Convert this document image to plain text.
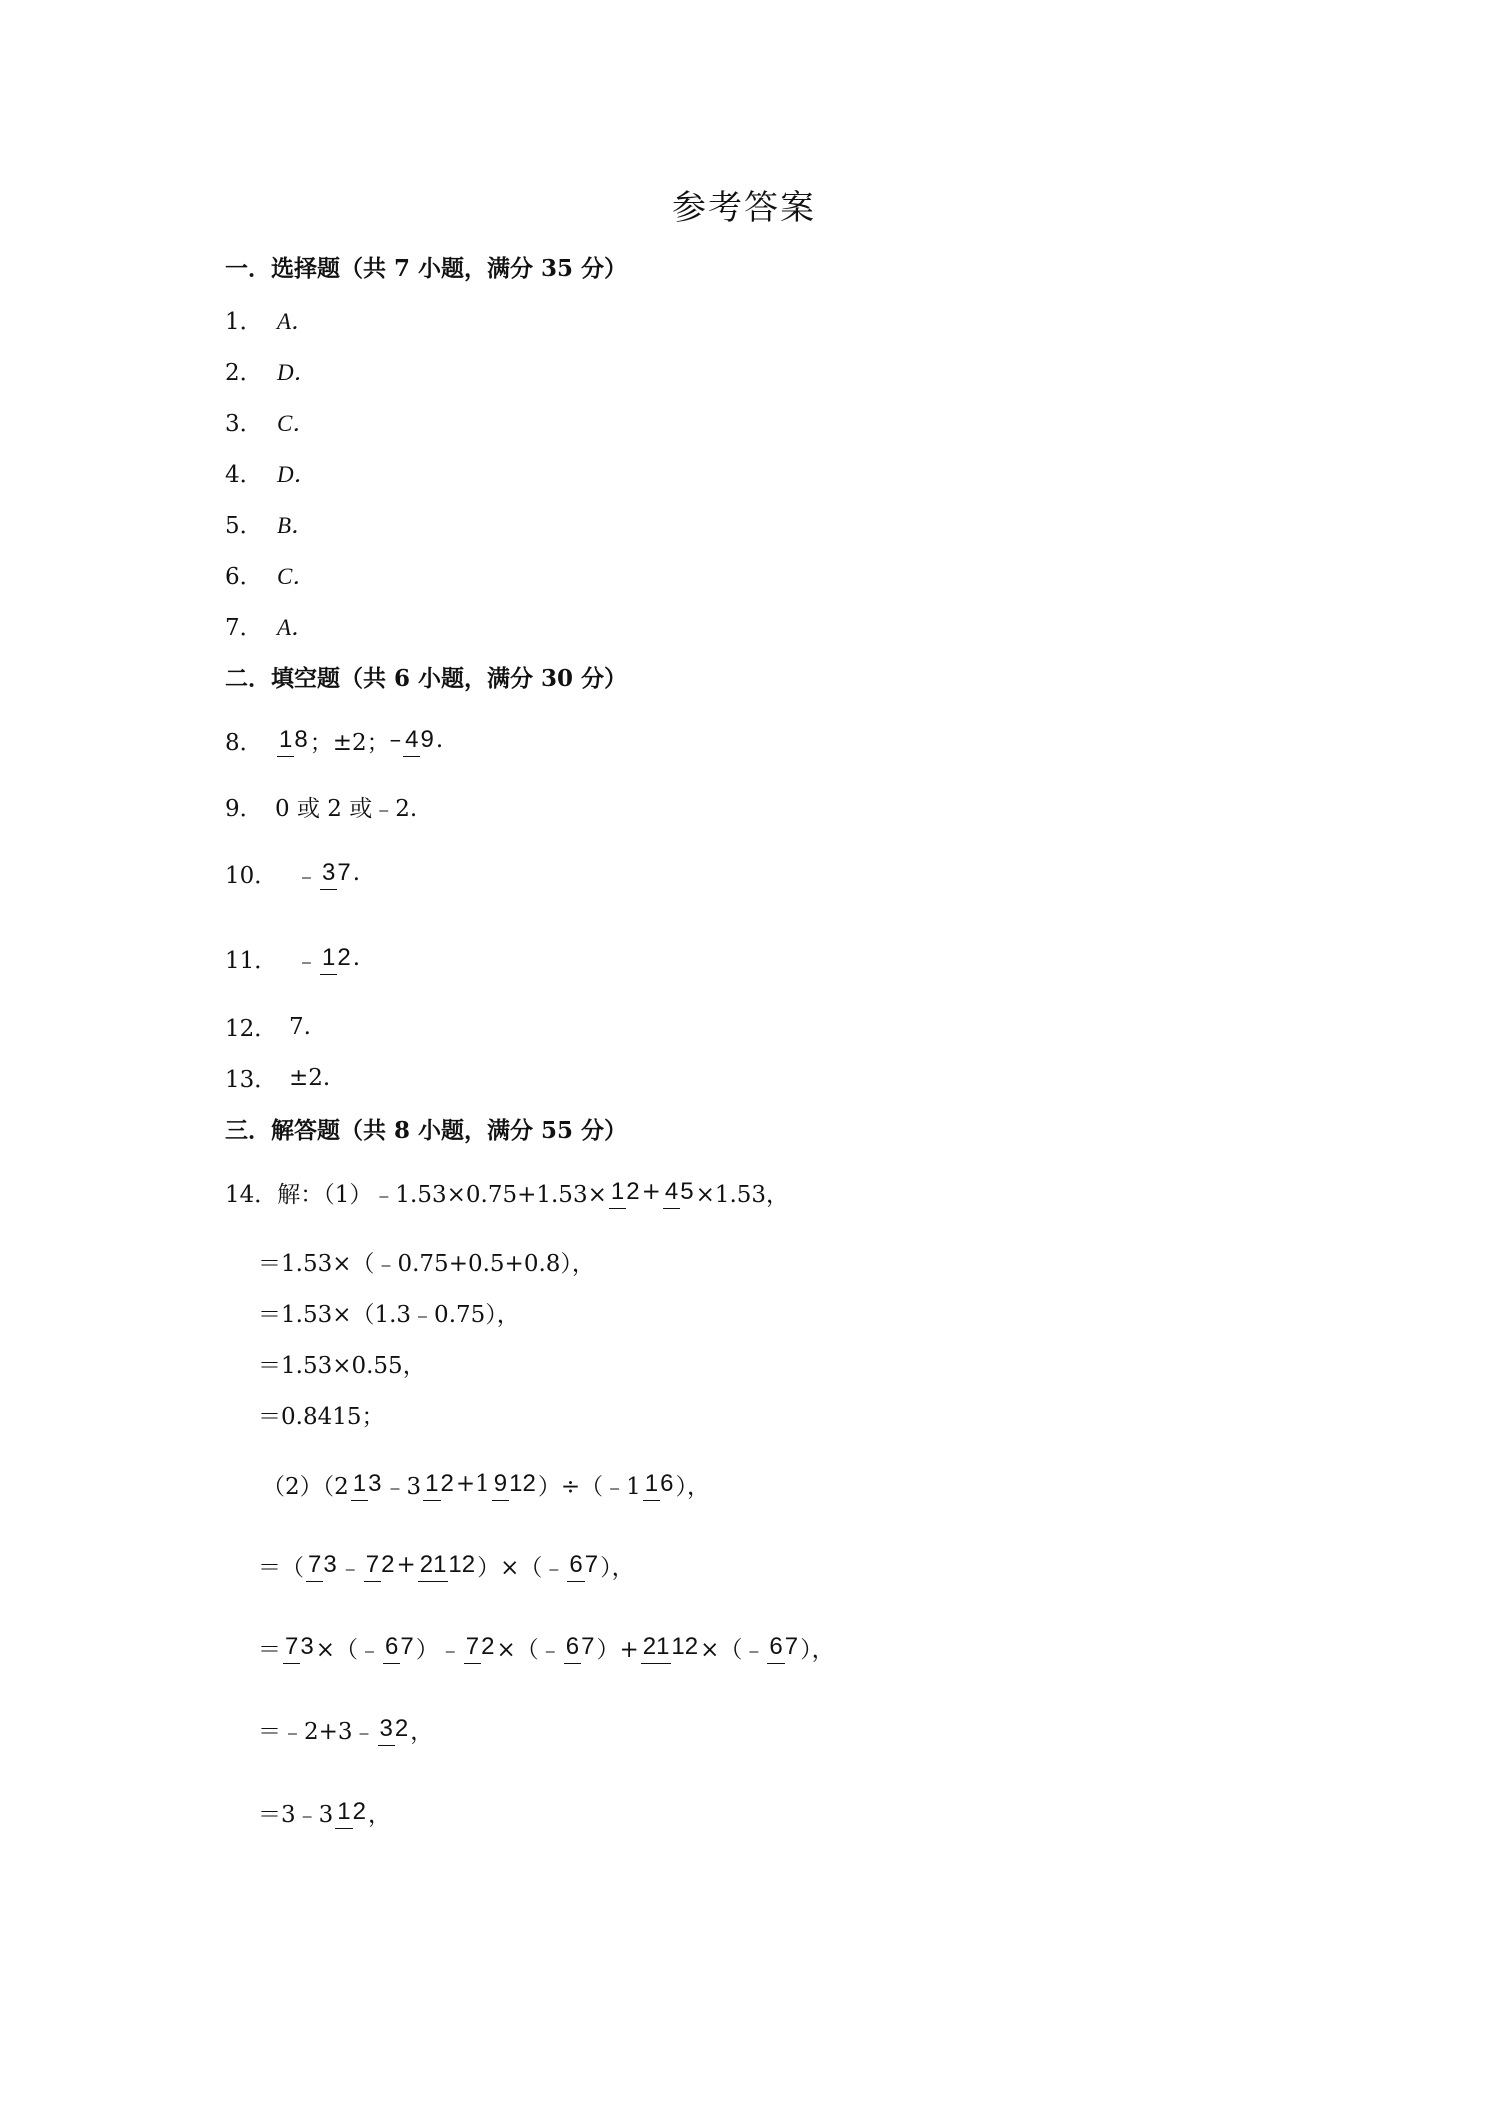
参考答案
一．选择题（共 7 小题，满分 35 分）
1． A．
2． D．
3． C．
4． D．
5． B．
6． C．
7． A．
二．填空题（共 6 小题，满分 30 分）
8． 18 ；±2； – 49 .
9． 0 或 2 或﹣2.
10． ﹣ 37 .
11． ﹣ 12 .
12． 7.
13． ±2.
三．解答题（共 8 小题，满分 55 分）
14．解：（1）﹣1.53×0.75+1.53× 12 + 45 ×1.53，
＝1.53×（﹣0.75+0.5+0.8），
＝1.53×（1.3﹣0.75），
＝1.53×0.55，
＝0.8415；
（2）（2 13 ﹣3 12 +1 912 ）÷（﹣1 16 ），
＝（ 73 ﹣ 72 + 2112 ）×（﹣ 67 ），
＝ 73 ×（﹣ 67 ）﹣ 72 ×（﹣ 67 ）+ 2112 ×（﹣ 67 ），
＝﹣2+3﹣ 32 ，
＝3﹣3 12 ，
